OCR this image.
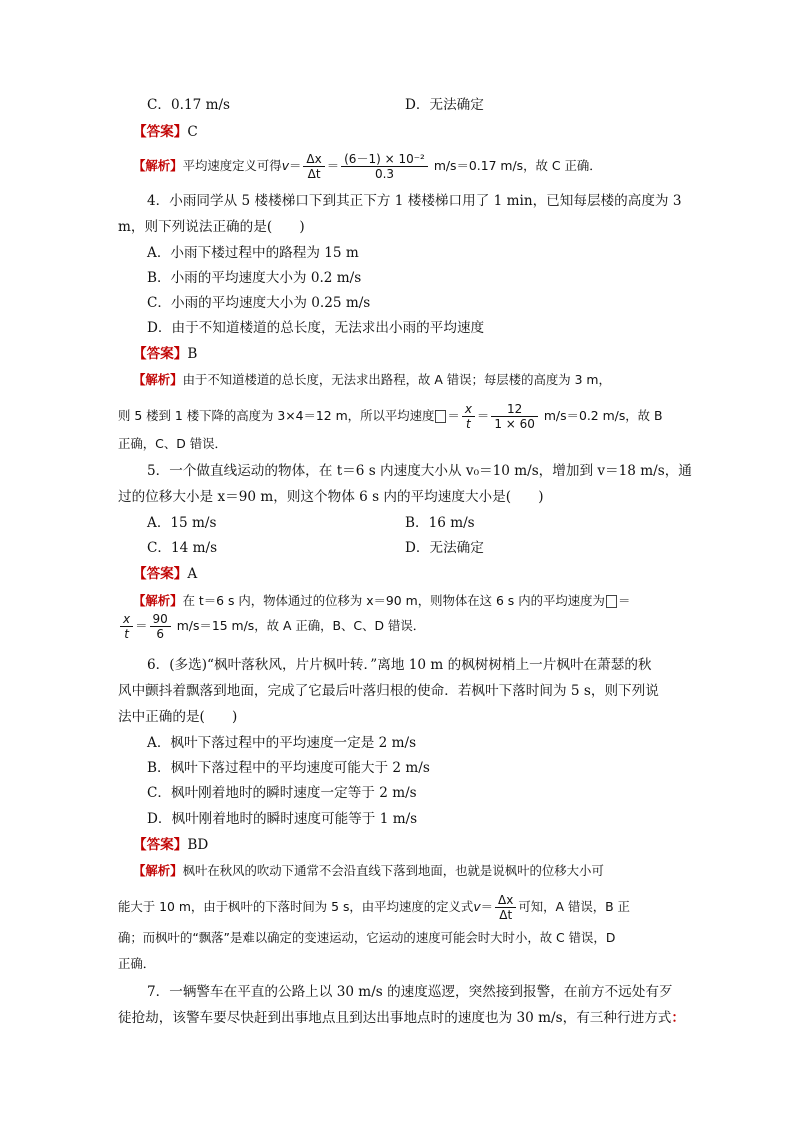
C．0.17 m/s	D．无法确定
【答案】C
【解析】平均速度定义可得$v= \frac{\Delta x}{\Delta t} = \frac{\text{(6－1) × 10⁻²}}{0.3} m/s=0.17$ m/s，故 C 正确．
4．小雨同学从 5 楼楼梯口下到其正下方 1 楼楼梯口用了 1 min，已知每层楼的高度为 3
m，则下列说法正确的是(　　)
A．小雨下楼过程中的路程为 15 m
B．小雨的平均速度大小为 0.2 m/s
C．小雨的平均速度大小为 0.25 m/s
D．由于不知道楼道的总长度，无法求出小雨的平均速度
【答案】B
【解析】由于不知道楼道的总长度，无法求出路程，故 A 错误；每层楼的高度为 3 m，
则 5 楼到 1 楼下降的高度为 3×4＝12 m，所以平均速度 ＝ $\frac{x}{t} = \frac{12}{1 \times 60} m/s=0.2$ m/s，故 B
正确，C、D 错误．
5．一个做直线运动的物体，在 t＝6 s 内速度大小从 v₀＝10 m/s，增加到 v＝18 m/s，通
过的位移大小是 x＝90 m，则这个物体 6 s 内的平均速度大小是(　　)
A．15 m/s	B．16 m/s
C．14 m/s	D．无法确定
【答案】A
【解析】在 t＝6 s 内，物体通过的位移为 x＝90 m，则物体在这 6 s 内的平均速度为 ＝
$\frac{x}{t} = \frac{90}{6} m/s=15$ m/s，故 A 正确，B、C、D 错误．
6．(多选)“枫叶落秋风，片片枫叶转．”离地 10 m 的枫树树梢上一片枫叶在萧瑟的秋
风中颤抖着飘落到地面，完成了它最后叶落归根的使命．若枫叶下落时间为 5 s，则下列说
法中正确的是(　　)
A．枫叶下落过程中的平均速度一定是 2 m/s
B．枫叶下落过程中的平均速度可能大于 2 m/s
C．枫叶刚着地时的瞬时速度一定等于 2 m/s
D．枫叶刚着地时的瞬时速度可能等于 1 m/s
【答案】BD
【解析】枫叶在秋风的吹动下通常不会沿直线下落到地面，也就是说枫叶的位移大小可
能大于 10 m，由于枫叶的下落时间为 5 s，由平均速度的定义式$v= \frac{\Delta x}{\Delta t}$ 可知，A 错误，B 正
确；而枫叶的“飘落”是难以确定的变速运动，它运动的速度可能会时大时小，故 C 错误，D
正确．
7．一辆警车在平直的公路上以 30 m/s 的速度巡逻，突然接到报警，在前方不远处有歹
徒抢劫，该警车要尽快赶到出事地点且到达出事地点时的速度也为 30 m/s，有三种行进方式：
